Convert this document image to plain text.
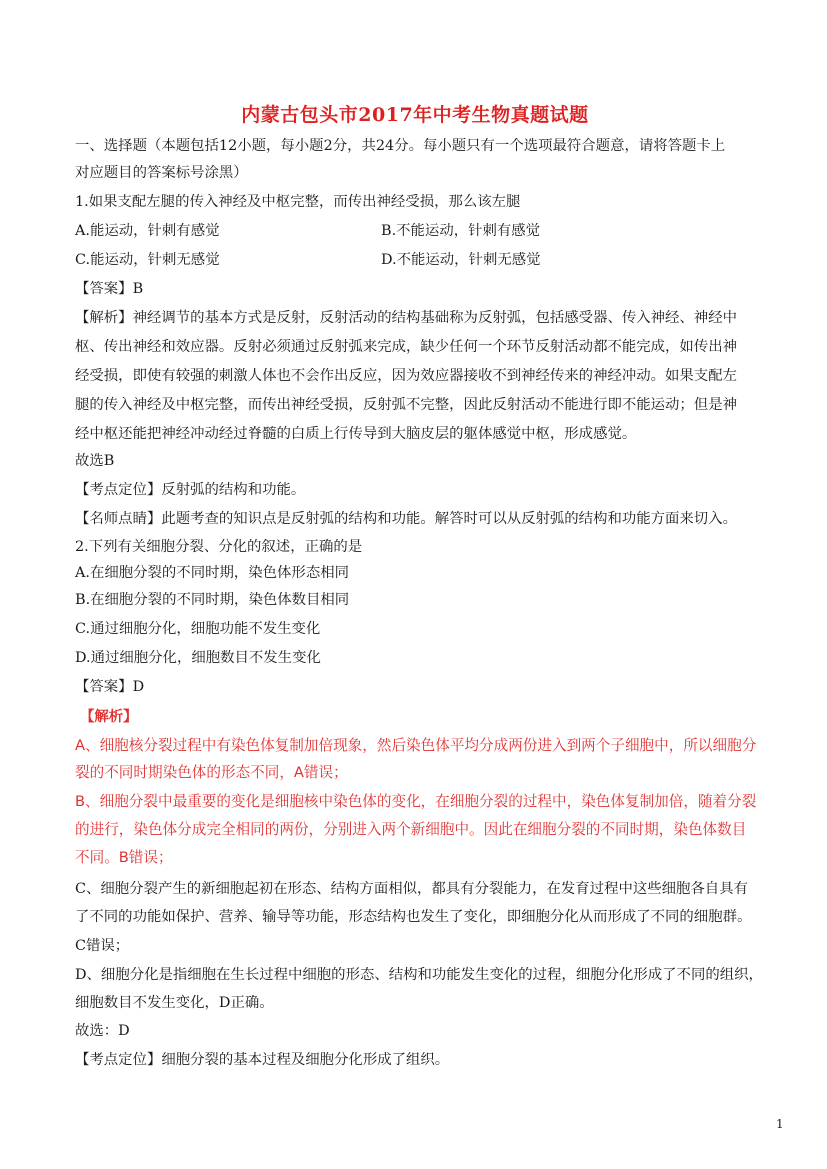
内蒙古包头市2017年中考生物真题试题
一、选择题（本题包括12小题，每小题2分，共24分。每小题只有一个选项最符合题意，请将答题卡上
对应题目的答案标号涂黑）
1.如果支配左腿的传入神经及中枢完整，而传出神经受损，那么该左腿
A.能运动，针刺有感觉	B.不能运动，针刺有感觉
C.能运动，针刺无感觉	D.不能运动，针刺无感觉
【答案】B
【解析】神经调节的基本方式是反射，反射活动的结构基础称为反射弧，包括感受器、传入神经、神经中
枢、传出神经和效应器。反射必须通过反射弧来完成，缺少任何一个环节反射活动都不能完成，如传出神
经受损，即使有较强的刺激人体也不会作出反应，因为效应器接收不到神经传来的神经冲动。如果支配左
腿的传入神经及中枢完整，而传出神经受损，反射弧不完整，因此反射活动不能进行即不能运动；但是神
经中枢还能把神经冲动经过脊髓的白质上行传导到大脑皮层的躯体感觉中枢，形成感觉。
故选B
【考点定位】反射弧的结构和功能。
【名师点睛】此题考查的知识点是反射弧的结构和功能。解答时可以从反射弧的结构和功能方面来切入。
2.下列有关细胞分裂、分化的叙述，正确的是
A.在细胞分裂的不同时期，染色体形态相同
B.在细胞分裂的不同时期，染色体数目相同
C.通过细胞分化，细胞功能不发生变化
D.通过细胞分化，细胞数目不发生变化
【答案】D
【解析】
A、细胞核分裂过程中有染色体复制加倍现象，然后染色体平均分成两份进入到两个子细胞中，所以细胞分
裂的不同时期染色体的形态不同，A错误；
B、细胞分裂中最重要的变化是细胞核中染色体的变化，在细胞分裂的过程中，染色体复制加倍，随着分裂
的进行，染色体分成完全相同的两份，分别进入两个新细胞中。因此在细胞分裂的不同时期，染色体数目
不同。B错误；
C、细胞分裂产生的新细胞起初在形态、结构方面相似，都具有分裂能力，在发育过程中这些细胞各自具有
了不同的功能如保护、营养、输导等功能，形态结构也发生了变化，即细胞分化从而形成了不同的细胞群。
C错误；
D、细胞分化是指细胞在生长过程中细胞的形态、结构和功能发生变化的过程，细胞分化形成了不同的组织，
细胞数目不发生变化，D正确。
故选：D
【考点定位】细胞分裂的基本过程及细胞分化形成了组织。
1
